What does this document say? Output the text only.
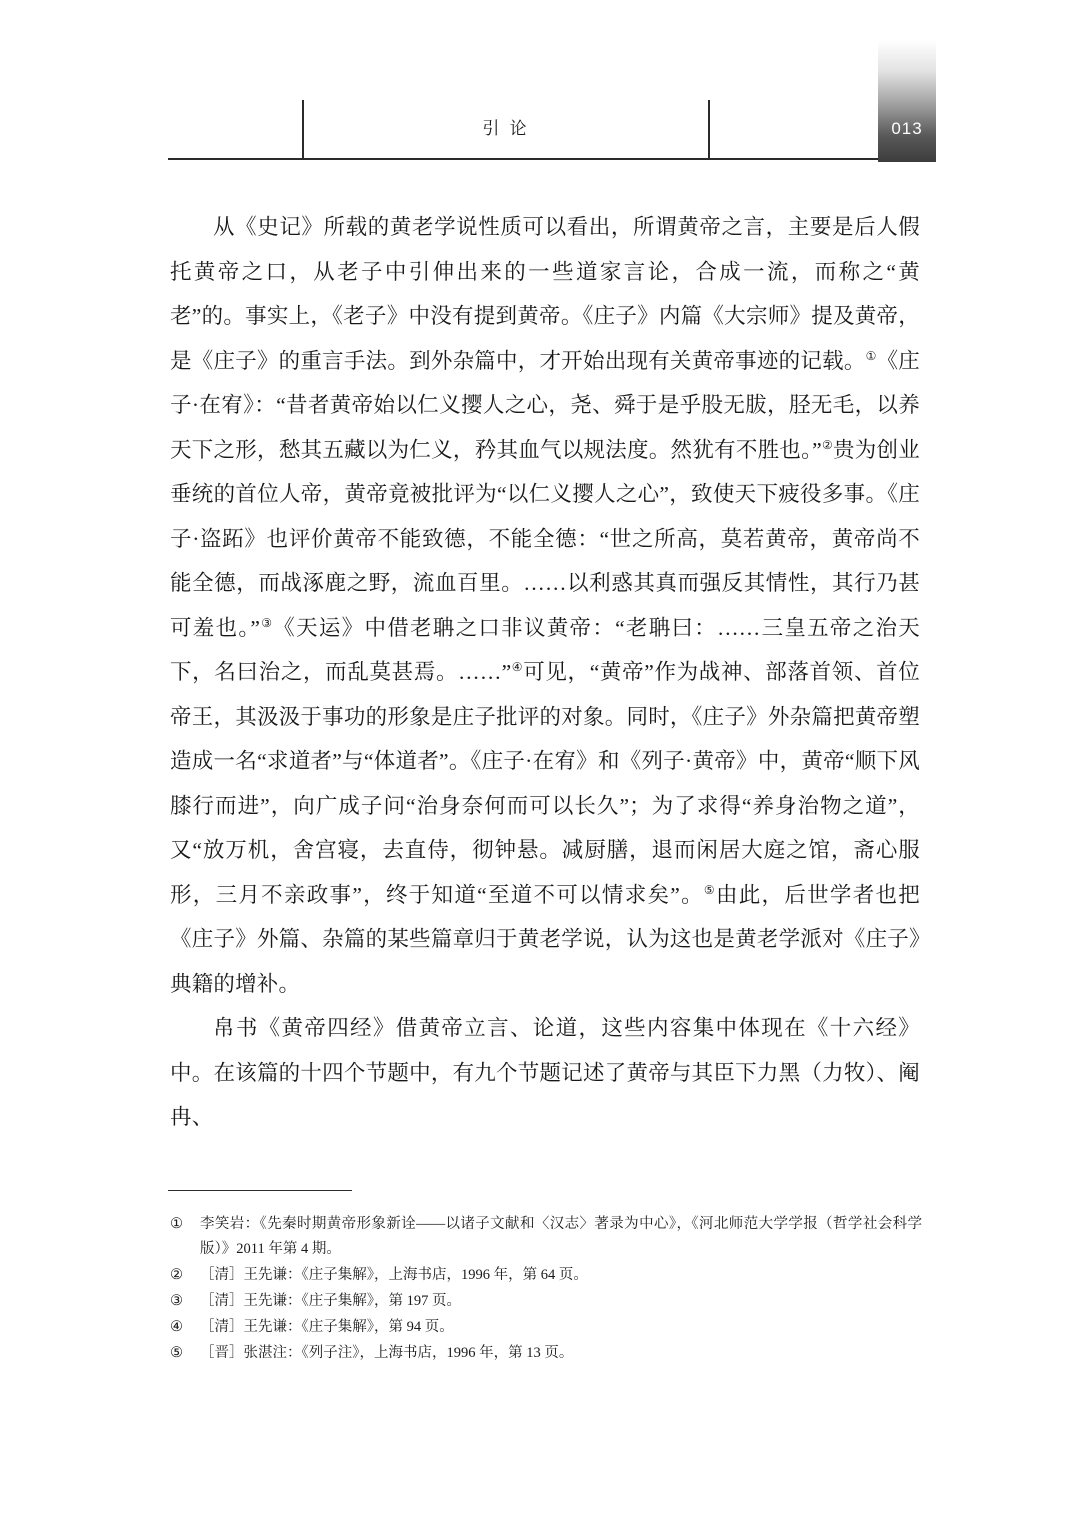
引 论	013

从《史记》所载的黄老学说性质可以看出，所谓黄帝之言，主要是后人假托黄帝之口，从老子中引伸出来的一些道家言论，合成一流，而称之“黄老”的。事实上，《老子》中没有提到黄帝。《庄子》内篇《大宗师》提及黄帝，是《庄子》的重言手法。到外杂篇中，才开始出现有关黄帝事迹的记载。①《庄子·在宥》：“昔者黄帝始以仁义撄人之心，尧、舜于是乎股无胈，胫无毛，以养天下之形，愁其五藏以为仁义，矜其血气以规法度。然犹有不胜也。”②贵为创业垂统的首位人帝，黄帝竟被批评为“以仁义撄人之心”，致使天下疲役多事。《庄子·盗跖》也评价黄帝不能致德，不能全德：“世之所高，莫若黄帝，黄帝尚不能全德，而战涿鹿之野，流血百里。……以利惑其真而强反其情性，其行乃甚可羞也。”③《天运》中借老聃之口非议黄帝：“老聃曰：……三皇五帝之治天下，名曰治之，而乱莫甚焉。……”④可见，“黄帝”作为战神、部落首领、首位帝王，其汲汲于事功的形象是庄子批评的对象。同时，《庄子》外杂篇把黄帝塑造成一名“求道者”与“体道者”。《庄子·在宥》和《列子·黄帝》中，黄帝“顺下风膝行而进”，向广成子问“治身奈何而可以长久”；为了求得“养身治物之道”，又“放万机，舍宫寝，去直侍，彻钟悬。减厨膳，退而闲居大庭之馆，斋心服形，三月不亲政事”，终于知道“至道不可以情求矣”。⑤由此，后世学者也把《庄子》外篇、杂篇的某些篇章归于黄老学说，认为这也是黄老学派对《庄子》典籍的增补。

帛书《黄帝四经》借黄帝立言、论道，这些内容集中体现在《十六经》中。在该篇的十四个节题中，有九个节题记述了黄帝与其臣下力黑（力牧）、阉冉、

①	李笑岩：《先秦时期黄帝形象新诠——以诸子文献和〈汉志〉著录为中心》，《河北师范大学学报（哲学社会科学版）》2011 年第 4 期。
②	［清］王先谦：《庄子集解》，上海书店，1996 年，第 64 页。
③	［清］王先谦：《庄子集解》，第 197 页。
④	［清］王先谦：《庄子集解》，第 94 页。
⑤	［晋］张湛注：《列子注》，上海书店，1996 年，第 13 页。
